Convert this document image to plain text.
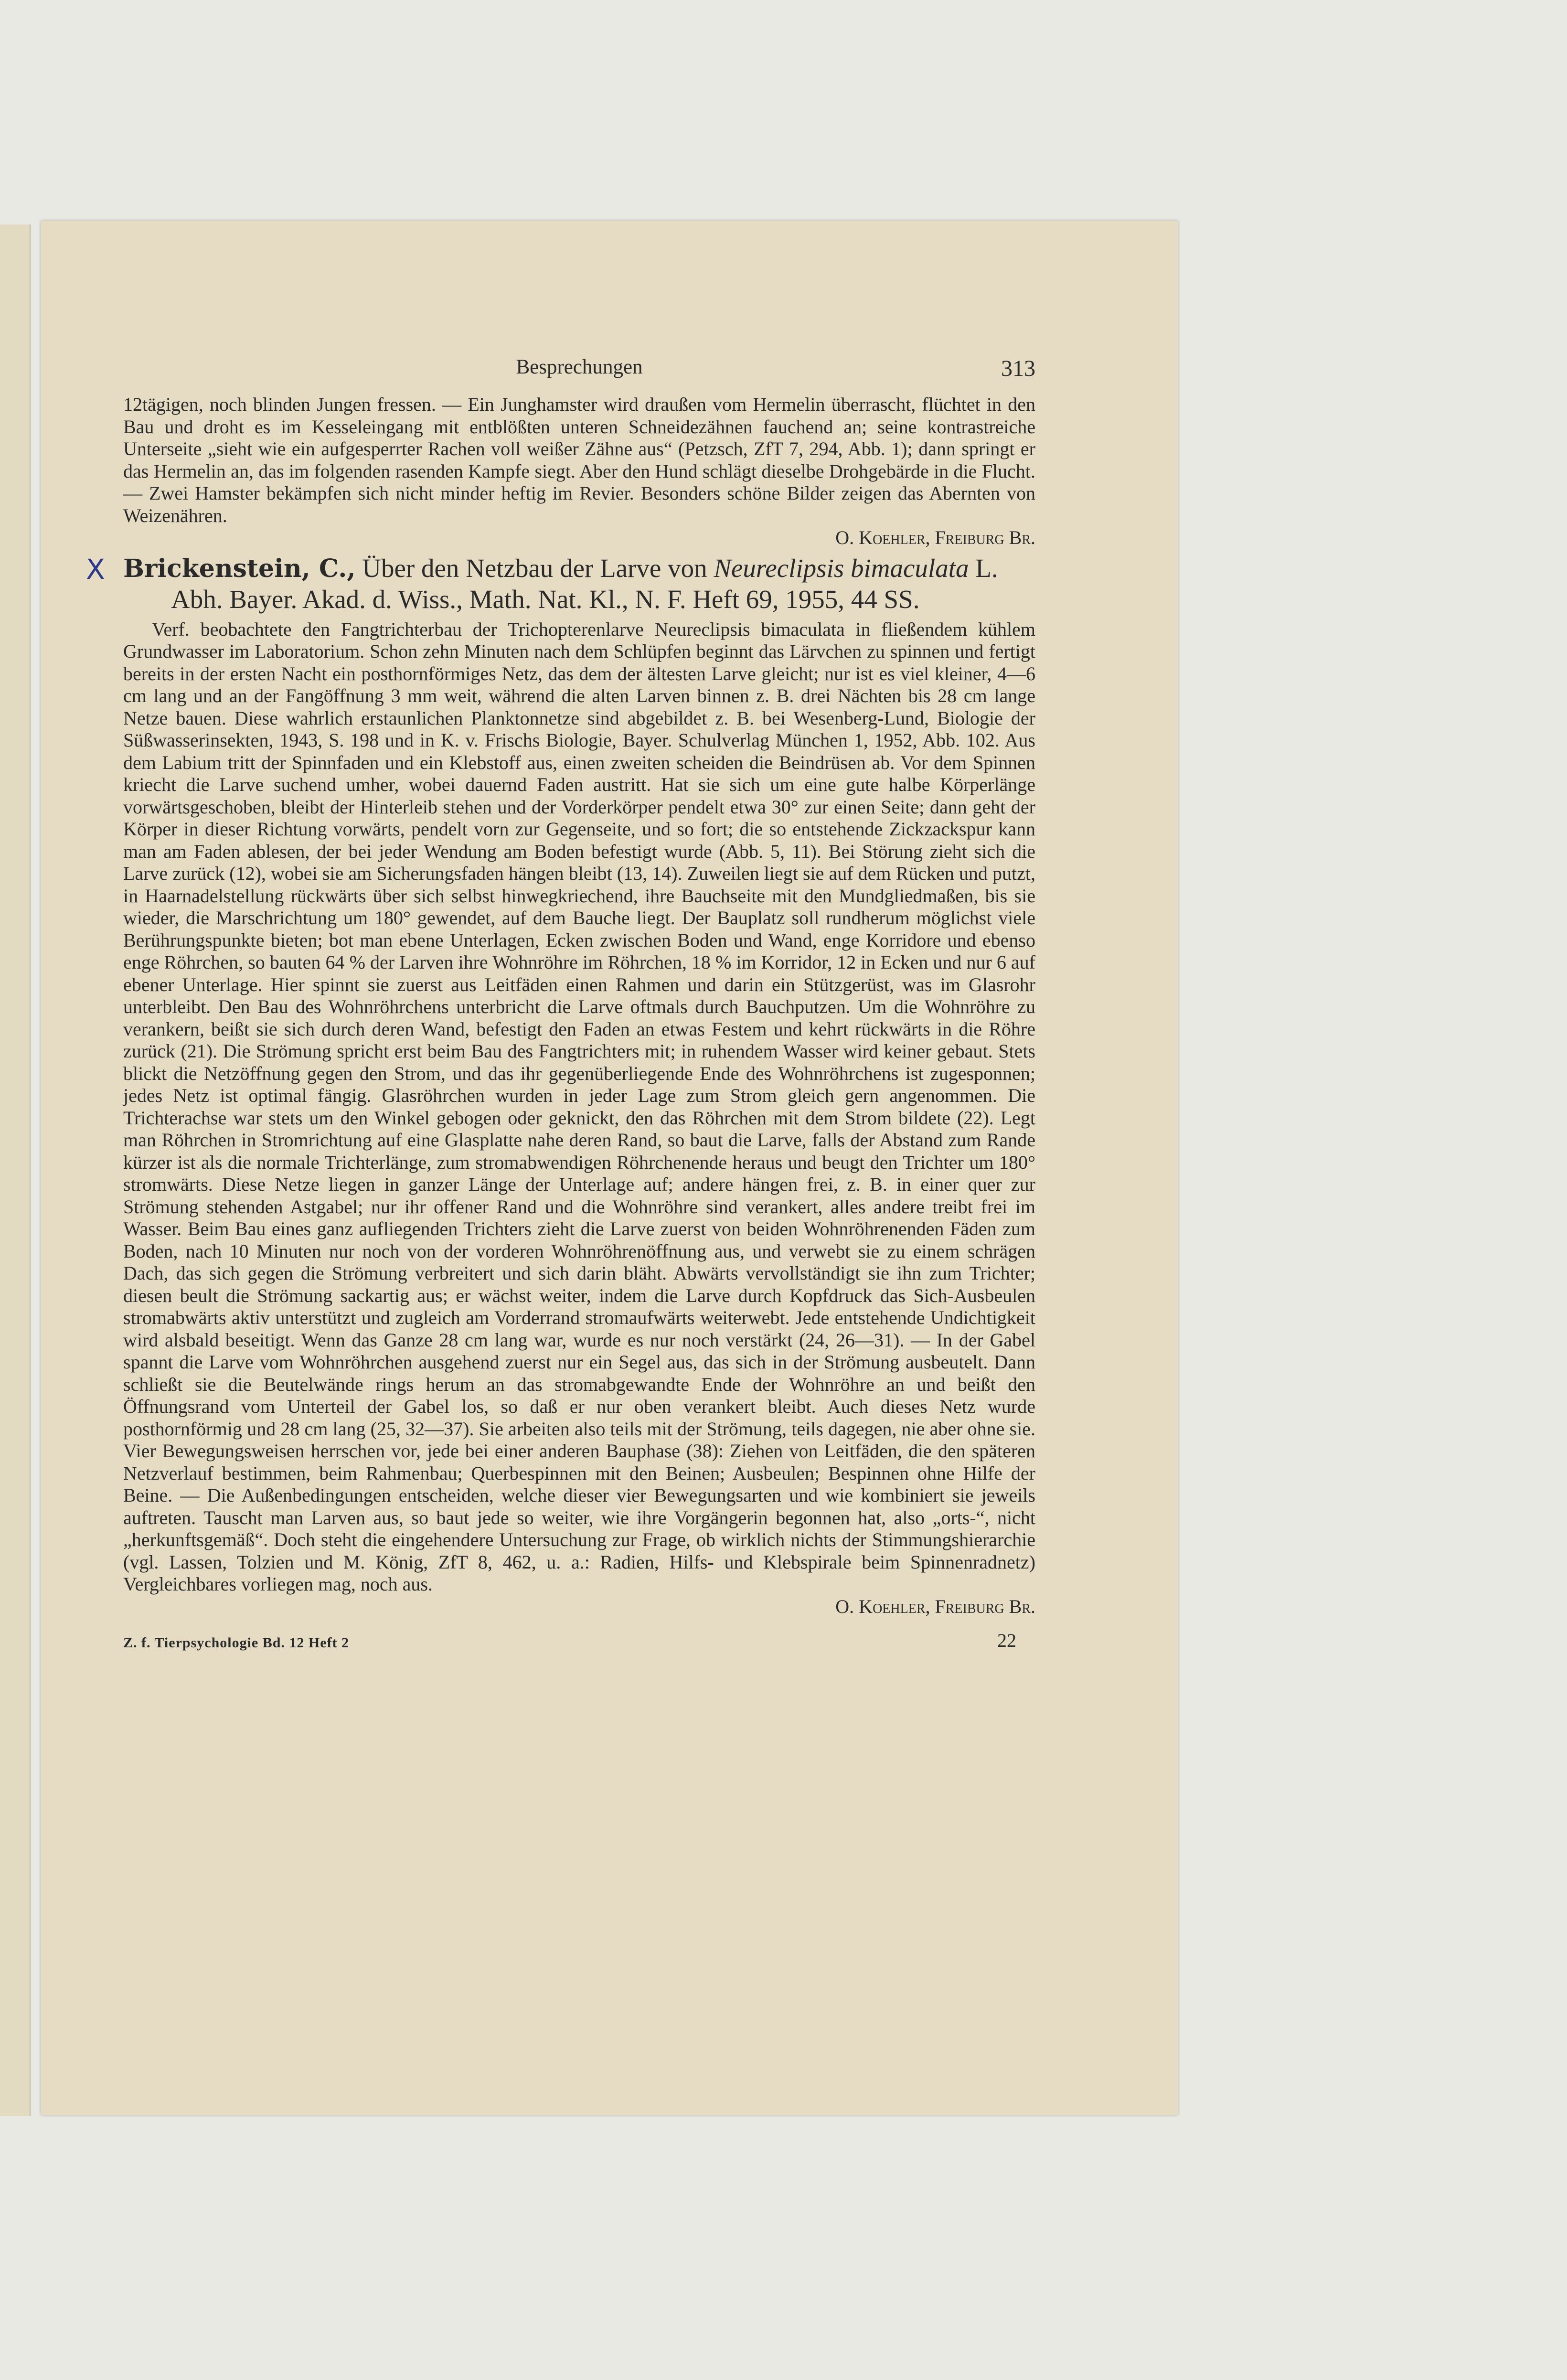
Besprechungen	313

12tägigen, noch blinden Jungen fressen. — Ein Junghamster wird draußen vom Hermelin überrascht, flüchtet in den Bau und droht es im Kesseleingang mit entblößten unteren Schneidezähnen fauchend an; seine kontrastreiche Unterseite „sieht wie ein aufgesperrter Rachen voll weißer Zähne aus“ (Petzsch, ZfT 7, 294, Abb. 1); dann springt er das Hermelin an, das im folgenden rasenden Kampfe siegt. Aber den Hund schlägt dieselbe Drohgebärde in die Flucht. — Zwei Hamster bekämpfen sich nicht minder heftig im Revier. Besonders schöne Bilder zeigen das Abernten von Weizenähren.

O. Koehler, Freiburg Br.

X Brickenstein, C., Über den Netzbau der Larve von Neureclipsis bimaculata L.
Abh. Bayer. Akad. d. Wiss., Math. Nat. Kl., N. F. Heft 69, 1955, 44 SS.

Verf. beobachtete den Fangtrichterbau der Trichopterenlarve Neureclipsis bimaculata in fließendem kühlem Grundwasser im Laboratorium. Schon zehn Minuten nach dem Schlüpfen beginnt das Lärvchen zu spinnen und fertigt bereits in der ersten Nacht ein posthornförmiges Netz, das dem der ältesten Larve gleicht; nur ist es viel kleiner, 4—6 cm lang und an der Fangöffnung 3 mm weit, während die alten Larven binnen z. B. drei Nächten bis 28 cm lange Netze bauen. Diese wahrlich erstaunlichen Planktonnetze sind abgebildet z. B. bei Wesenberg-Lund, Biologie der Süßwasserinsekten, 1943, S. 198 und in K. v. Frischs Biologie, Bayer. Schulverlag München 1, 1952, Abb. 102. Aus dem Labium tritt der Spinnfaden und ein Klebstoff aus, einen zweiten scheiden die Beindrüsen ab. Vor dem Spinnen kriecht die Larve suchend umher, wobei dauernd Faden austritt. Hat sie sich um eine gute halbe Körperlänge vorwärtsgeschoben, bleibt der Hinterleib stehen und der Vorderkörper pendelt etwa 30° zur einen Seite; dann geht der Körper in dieser Richtung vorwärts, pendelt vorn zur Gegenseite, und so fort; die so entstehende Zickzackspur kann man am Faden ablesen, der bei jeder Wendung am Boden befestigt wurde (Abb. 5, 11). Bei Störung zieht sich die Larve zurück (12), wobei sie am Sicherungsfaden hängen bleibt (13, 14). Zuweilen liegt sie auf dem Rücken und putzt, in Haarnadelstellung rückwärts über sich selbst hinwegkriechend, ihre Bauchseite mit den Mundgliedmaßen, bis sie wieder, die Marschrichtung um 180° gewendet, auf dem Bauche liegt. Der Bauplatz soll rundherum möglichst viele Berührungspunkte bieten; bot man ebene Unterlagen, Ecken zwischen Boden und Wand, enge Korridore und ebenso enge Röhrchen, so bauten 64 % der Larven ihre Wohnröhre im Röhrchen, 18 % im Korridor, 12 in Ecken und nur 6 auf ebener Unterlage. Hier spinnt sie zuerst aus Leitfäden einen Rahmen und darin ein Stützgerüst, was im Glasrohr unterbleibt. Den Bau des Wohnröhrchens unterbricht die Larve oftmals durch Bauchputzen. Um die Wohnröhre zu verankern, beißt sie sich durch deren Wand, befestigt den Faden an etwas Festem und kehrt rückwärts in die Röhre zurück (21). Die Strömung spricht erst beim Bau des Fangtrichters mit; in ruhendem Wasser wird keiner gebaut. Stets blickt die Netzöffnung gegen den Strom, und das ihr gegenüberliegende Ende des Wohnröhrchens ist zugesponnen; jedes Netz ist optimal fängig. Glasröhrchen wurden in jeder Lage zum Strom gleich gern angenommen. Die Trichterachse war stets um den Winkel gebogen oder geknickt, den das Röhrchen mit dem Strom bildete (22). Legt man Röhrchen in Stromrichtung auf eine Glasplatte nahe deren Rand, so baut die Larve, falls der Abstand zum Rande kürzer ist als die normale Trichterlänge, zum stromabwendigen Röhrchenende heraus und beugt den Trichter um 180° stromwärts. Diese Netze liegen in ganzer Länge der Unterlage auf; andere hängen frei, z. B. in einer quer zur Strömung stehenden Astgabel; nur ihr offener Rand und die Wohnröhre sind verankert, alles andere treibt frei im Wasser. Beim Bau eines ganz aufliegenden Trichters zieht die Larve zuerst von beiden Wohnröhrenenden Fäden zum Boden, nach 10 Minuten nur noch von der vorderen Wohnröhrenöffnung aus, und verwebt sie zu einem schrägen Dach, das sich gegen die Strömung verbreitert und sich darin bläht. Abwärts vervollständigt sie ihn zum Trichter; diesen beult die Strömung sackartig aus; er wächst weiter, indem die Larve durch Kopfdruck das Sich-Ausbeulen stromabwärts aktiv unterstützt und zugleich am Vorderrand stromaufwärts weiterwebt. Jede entstehende Undichtigkeit wird alsbald beseitigt. Wenn das Ganze 28 cm lang war, wurde es nur noch verstärkt (24, 26—31). — In der Gabel spannt die Larve vom Wohnröhrchen ausgehend zuerst nur ein Segel aus, das sich in der Strömung ausbeutelt. Dann schließt sie die Beutelwände rings herum an das stromabgewandte Ende der Wohnröhre an und beißt den Öffnungsrand vom Unterteil der Gabel los, so daß er nur oben verankert bleibt. Auch dieses Netz wurde posthornförmig und 28 cm lang (25, 32—37). Sie arbeiten also teils mit der Strömung, teils dagegen, nie aber ohne sie. Vier Bewegungsweisen herrschen vor, jede bei einer anderen Bauphase (38): Ziehen von Leitfäden, die den späteren Netzverlauf bestimmen, beim Rahmenbau; Querbespinnen mit den Beinen; Ausbeulen; Bespinnen ohne Hilfe der Beine. — Die Außenbedingungen entscheiden, welche dieser vier Bewegungsarten und wie kombiniert sie jeweils auftreten. Tauscht man Larven aus, so baut jede so weiter, wie ihre Vorgängerin begonnen hat, also „orts-“, nicht „herkunftsgemäß“. Doch steht die eingehendere Untersuchung zur Frage, ob wirklich nichts der Stimmungshierarchie (vgl. Lassen, Tolzien und M. König, ZfT 8, 462, u. a.: Radien, Hilfs- und Klebspirale beim Spinnenradnetz) Vergleichbares vorliegen mag, noch aus.

O. Koehler, Freiburg Br.

Z. f. Tierpsychologie Bd. 12 Heft 2	22
